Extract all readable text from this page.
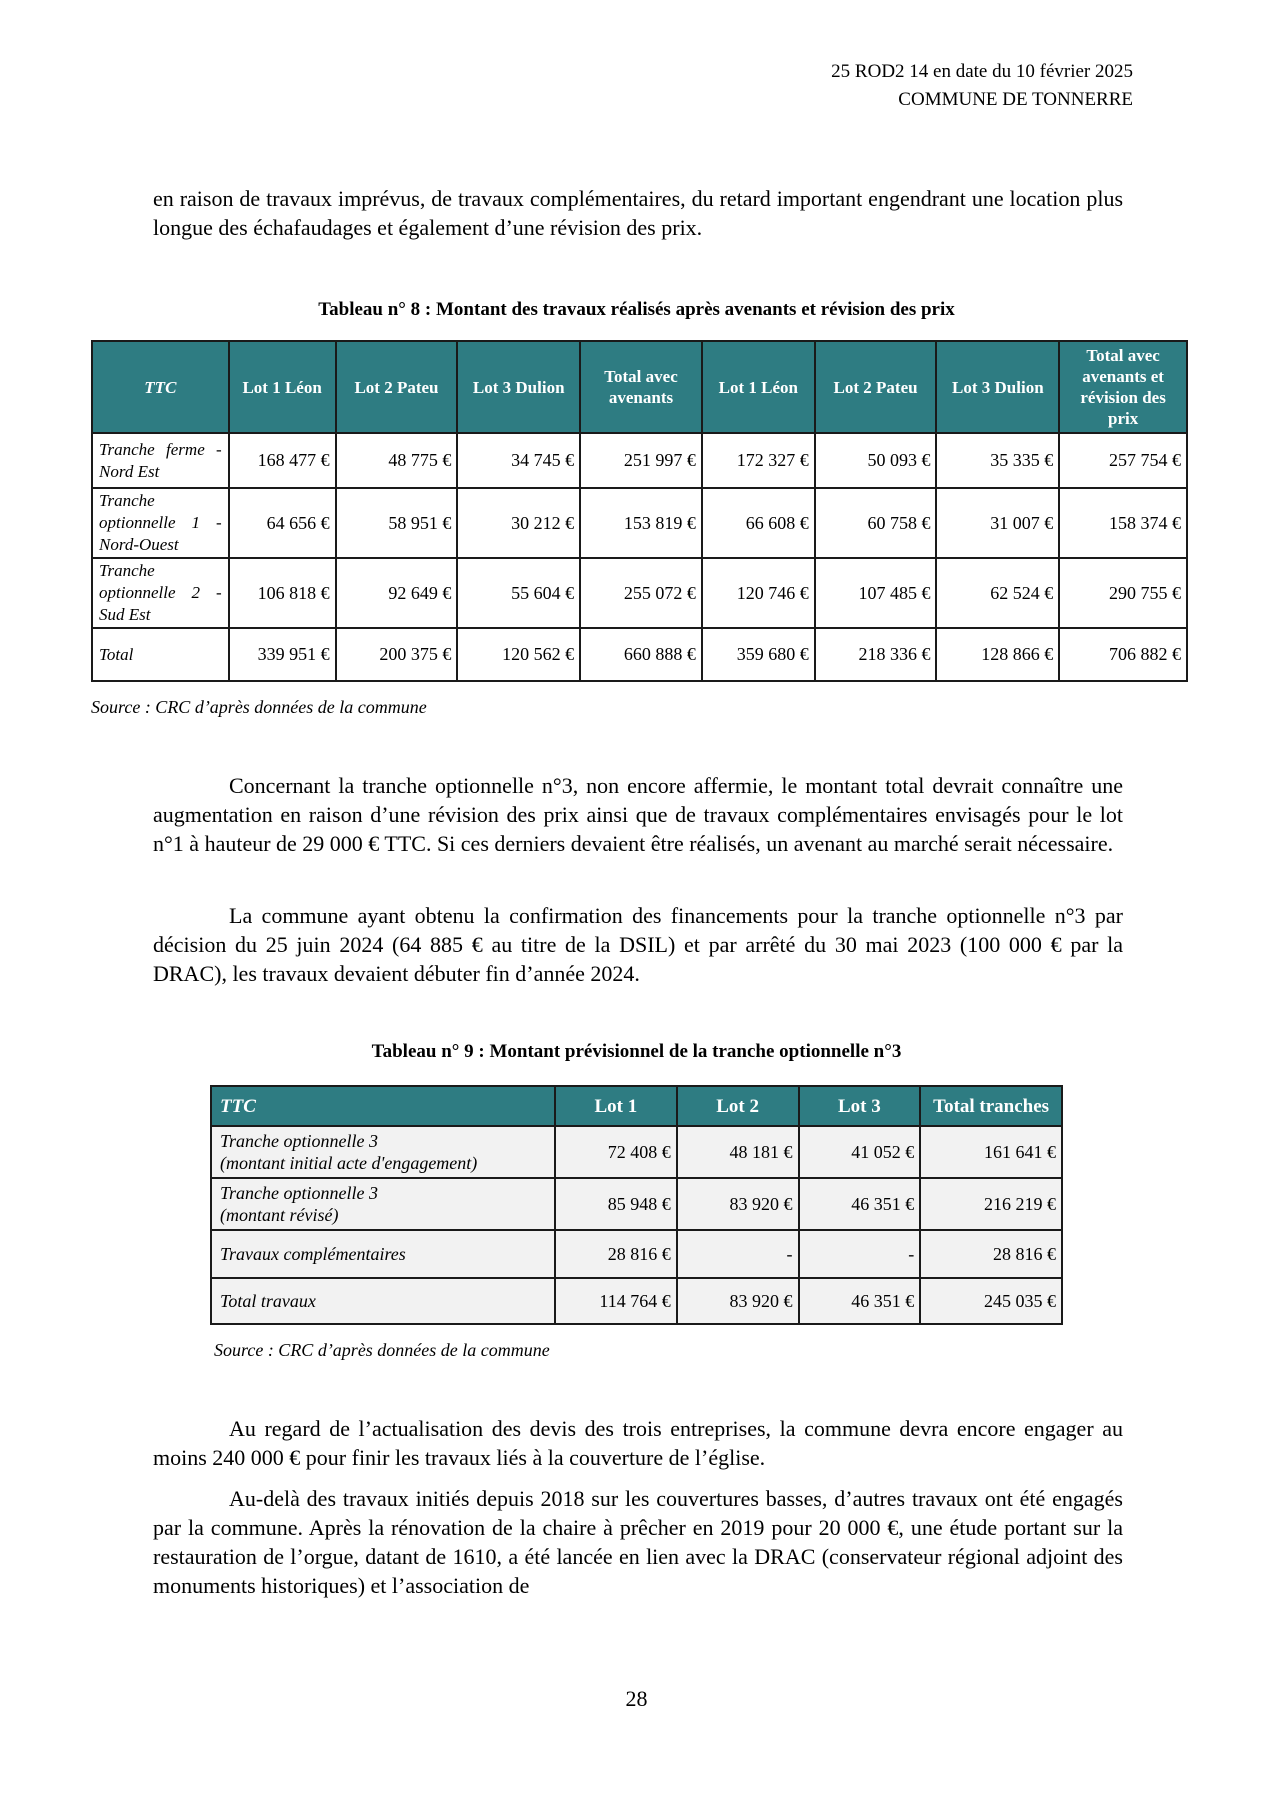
25 ROD2 14 en date du 10 février 2025
COMMUNE DE TONNERRE
en raison de travaux imprévus, de travaux complémentaires, du retard important engendrant une location plus longue des échafaudages et également d’une révision des prix.
Tableau n° 8 : Montant des travaux réalisés après avenants et révision des prix
TTC	Lot 1 Léon	Lot 2 Pateu	Lot 3 Dulion	Total avec avenants	Lot 1 Léon	Lot 2 Pateu	Lot 3 Dulion	Total avec avenants et révision des prix
Tranche ferme - Nord Est	168 477 €	48 775 €	34 745 €	251 997 €	172 327 €	50 093 €	35 335 €	257 754 €
Tranche optionnelle 1 - Nord-Ouest	64 656 €	58 951 €	30 212 €	153 819 €	66 608 €	60 758 €	31 007 €	158 374 €
Tranche optionnelle 2 - Sud Est	106 818 €	92 649 €	55 604 €	255 072 €	120 746 €	107 485 €	62 524 €	290 755 €
Total	339 951 €	200 375 €	120 562 €	660 888 €	359 680 €	218 336 €	128 866 €	706 882 €
Source : CRC d’après données de la commune
Concernant la tranche optionnelle n°3, non encore affermie, le montant total devrait connaître une augmentation en raison d’une révision des prix ainsi que de travaux complémentaires envisagés pour le lot n°1 à hauteur de 29 000 € TTC. Si ces derniers devaient être réalisés, un avenant au marché serait nécessaire.
La commune ayant obtenu la confirmation des financements pour la tranche optionnelle n°3 par décision du 25 juin 2024 (64 885 € au titre de la DSIL) et par arrêté du 30 mai 2023 (100 000 € par la DRAC), les travaux devaient débuter fin d’année 2024.
Tableau n° 9 : Montant prévisionnel de la tranche optionnelle n°3
TTC	Lot 1	Lot 2	Lot 3	Total tranches

Tranche optionnelle 3
(montant initial acte d'engagement)	72 408 €	48 181 €	41 052 €	161 641 €

Tranche optionnelle 3
(montant révisé)	85 948 €	83 920 €	46 351 €	216 219 €
Travaux complémentaires	28 816 €	-	-	28 816 €
Total travaux	114 764 €	83 920 €	46 351 €	245 035 €
Source : CRC d’après données de la commune
Au regard de l’actualisation des devis des trois entreprises, la commune devra encore engager au moins 240 000 € pour finir les travaux liés à la couverture de l’église.
Au-delà des travaux initiés depuis 2018 sur les couvertures basses, d’autres travaux ont été engagés par la commune. Après la rénovation de la chaire à prêcher en 2019 pour 20 000 €, une étude portant sur la restauration de l’orgue, datant de 1610, a été lancée en lien avec la DRAC (conservateur régional adjoint des monuments historiques) et l’association de
28
